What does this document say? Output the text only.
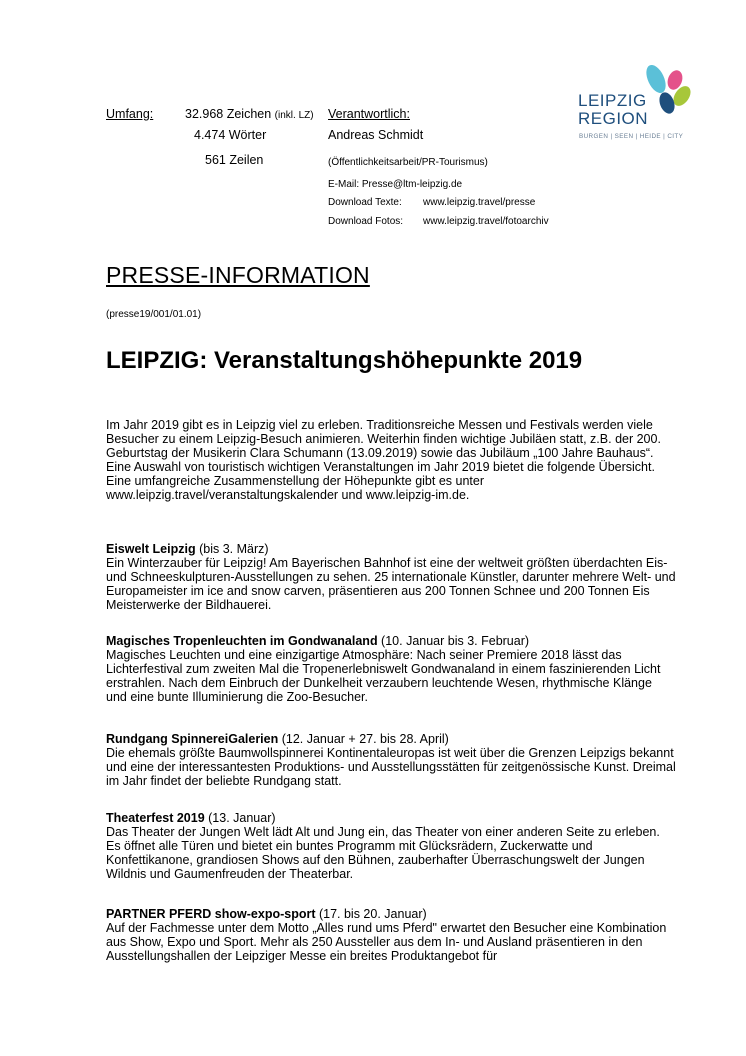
Umfang:	32.968 Zeichen (inkl. LZ) Verantwortlich:
4.474 Wörter	Andreas Schmidt
561 Zeilen	(Öffentlichkeitsarbeit/PR-Tourismus)
E-Mail: Presse@ltm-leipzig.de
Download Texte: www.leipzig.travel/presse
Download Fotos: www.leipzig.travel/fotoarchiv
LEIPZIG
REGION
BURGEN | SEEN | HEIDE | CITY
PRESSE-INFORMATION
(presse19/001/01.01)
LEIPZIG: Veranstaltungshöhepunkte 2019
Im Jahr 2019 gibt es in Leipzig viel zu erleben. Traditionsreiche Messen und Festivals werden viele Besucher zu einem Leipzig-Besuch animieren. Weiterhin finden wichtige Jubiläen statt, z.B. der 200. Geburtstag der Musikerin Clara Schumann (13.09.2019) sowie das Jubiläum „100 Jahre Bauhaus“. Eine Auswahl von touristisch wichtigen Veranstaltungen im Jahr 2019 bietet die folgende Übersicht. Eine umfangreiche Zusammenstellung der Höhepunkte gibt es unter www.leipzig.travel/veranstaltungskalender und www.leipzig-im.de.
Eiswelt Leipzig (bis 3. März)
Ein Winterzauber für Leipzig! Am Bayerischen Bahnhof ist eine der weltweit größten überdachten Eis- und Schneeskulpturen-Ausstellungen zu sehen. 25 internationale Künstler, darunter mehrere Welt- und Europameister im ice and snow carven, präsentieren aus 200 Tonnen Schnee und 200 Tonnen Eis Meisterwerke der Bildhauerei.
Magisches Tropenleuchten im Gondwanaland (10. Januar bis 3. Februar)
Magisches Leuchten und eine einzigartige Atmosphäre: Nach seiner Premiere 2018 lässt das Lichterfestival zum zweiten Mal die Tropenerlebniswelt Gondwanaland in einem faszinierenden Licht erstrahlen. Nach dem Einbruch der Dunkelheit verzaubern leuchtende Wesen, rhythmische Klänge und eine bunte Illuminierung die Zoo-Besucher.
Rundgang SpinnereiGalerien (12. Januar + 27. bis 28. April)
Die ehemals größte Baumwollspinnerei Kontinentaleuropas ist weit über die Grenzen Leipzigs bekannt und eine der interessantesten Produktions- und Ausstellungsstätten für zeitgenössische Kunst. Dreimal im Jahr findet der beliebte Rundgang statt.
Theaterfest 2019 (13. Januar)
Das Theater der Jungen Welt lädt Alt und Jung ein, das Theater von einer anderen Seite zu erleben. Es öffnet alle Türen und bietet ein buntes Programm mit Glücksrädern, Zuckerwatte und Konfettikanone, grandiosen Shows auf den Bühnen, zauberhafter Überraschungswelt der Jungen Wildnis und Gaumenfreuden der Theaterbar.
PARTNER PFERD show-expo-sport (17. bis 20. Januar)
Auf der Fachmesse unter dem Motto „Alles rund ums Pferd" erwartet den Besucher eine Kombination aus Show, Expo und Sport. Mehr als 250 Aussteller aus dem In- und Ausland präsentieren in den Ausstellungshallen der Leipziger Messe ein breites Produktangebot für
